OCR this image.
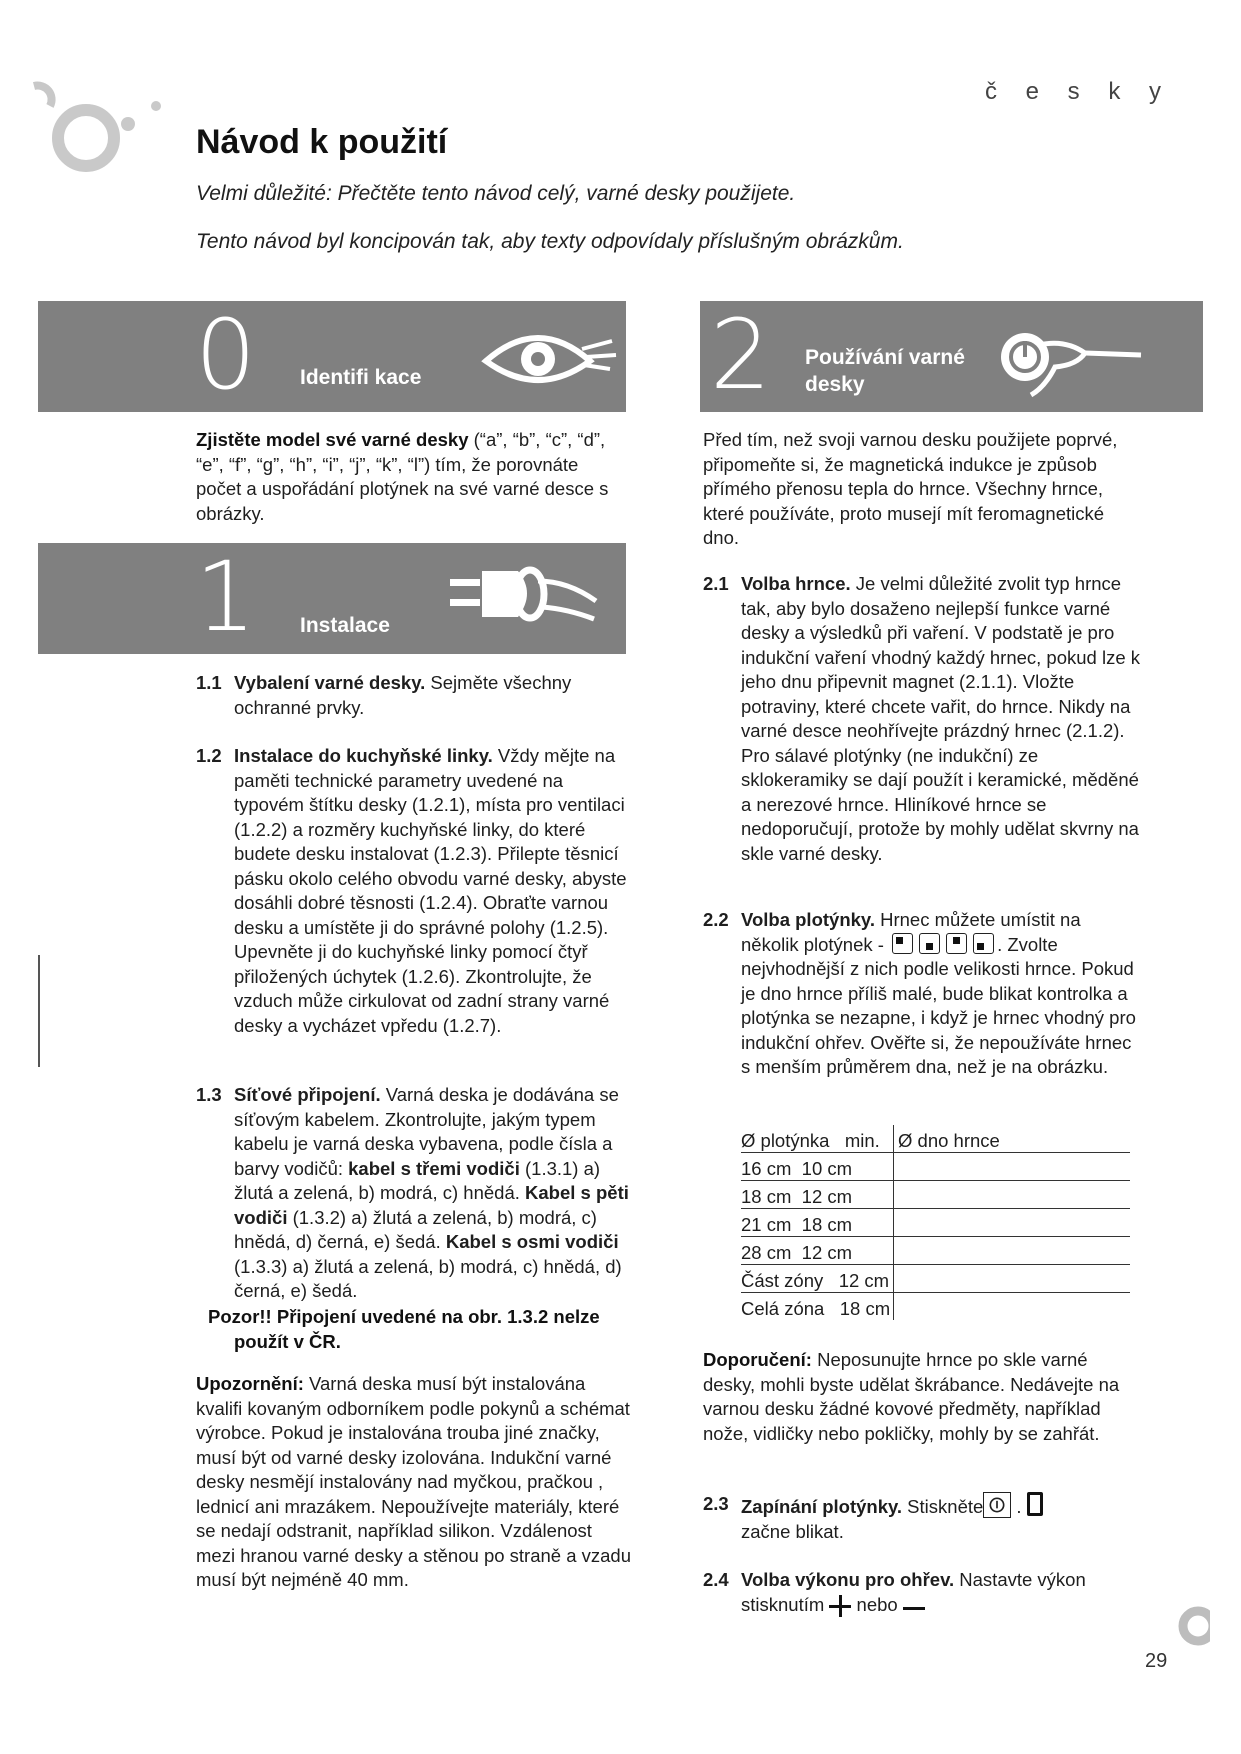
č e s k y
Návod k použití
Velmi důležité: Přečtěte tento návod celý, varné desky použijete.
Tento návod byl koncipován tak, aby texty odpovídaly příslušným obrázkům.
0 Identifi kace
Zjistěte model své varné desky (“a”, “b”, “c”, “d”, “e”, “f”, “g”, “h”, “i”, “j”, “k”, “l”) tím, že porovnáte počet a uspořádání plotýnek na své varné desce s obrázky.
1 Instalace
1.1 Vybalení varné desky. Sejměte všechny ochranné prvky.
1.2 Instalace do kuchyňské linky. Vždy mějte na paměti technické parametry uvedené na typovém štítku desky (1.2.1), místa pro ventilaci (1.2.2) a rozměry kuchyňské linky, do které budete desku instalovat (1.2.3). Přilepte těsnicí pásku okolo celého obvodu varné desky, abyste dosáhli dobré těsnosti (1.2.4). Obraťte varnou desku a umístěte ji do správné polohy (1.2.5). Upevněte ji do kuchyňské linky pomocí čtyř přiložených úchytek (1.2.6). Zkontrolujte, že vzduch může cirkulovat od zadní strany varné desky a vycházet vpředu (1.2.7).
1.3 Síťové připojení. Varná deska je dodávána se síťovým kabelem. Zkontrolujte, jakým typem kabelu je varná deska vybavena, podle čísla a barvy vodičů: kabel s třemi vodiči (1.3.1) a) žlutá a zelená, b) modrá, c) hnědá. Kabel s pěti vodiči (1.3.2) a) žlutá a zelená, b) modrá, c) hnědá, d) černá, e) šedá. Kabel s osmi vodiči (1.3.3) a) žlutá a zelená, b) modrá, c) hnědá, d) černá, e) šedá.
Pozor!! Připojení uvedené na obr. 1.3.2 nelze použít v ČR.
Upozornění: Varná deska musí být instalována kvalifi kovaným odborníkem podle pokynů a schémat výrobce. Pokud je instalována trouba jiné značky, musí být od varné desky izolována. Indukční varné desky nesmějí instalovány nad myčkou, pračkou , lednicí ani mrazákem. Nepoužívejte materiály, které se nedají odstranit, například silikon. Vzdálenost mezi hranou varné desky a stěnou po straně a vzadu musí být nejméně 40 mm.
2 Používání varné
desky
Před tím, než svoji varnou desku použijete poprvé, připomeňte si, že magnetická indukce je způsob přímého přenosu tepla do hrnce. Všechny hrnce, které používáte, proto musejí mít feromagnetické dno.
2.1 Volba hrnce. Je velmi důležité zvolit typ hrnce tak, aby bylo dosaženo nejlepší funkce varné desky a výsledků při vaření. V podstatě je pro indukční vaření vhodný každý hrnec, pokud lze k jeho dnu připevnit magnet (2.1.1). Vložte potraviny, které chcete vařit, do hrnce. Nikdy na varné desce neohřívejte prázdný hrnec (2.1.2). Pro sálavé plotýnky (ne indukční) ze sklokeramiky se dají použít i keramické, měděné a nerezové hrnce. Hliníkové hrnce se nedoporučují, protože by mohly udělat skvrny na skle varné desky.
2.2 Volba plotýnky. Hrnec můžete umístit na několik plotýnek -	. Zvolte nejvhodnější z nich podle velikosti hrnce. Pokud je dno hrnce příliš malé, bude blikat kontrolka a plotýnka se nezapne, i když je hrnec vhodný pro indukční ohřev. Ověřte si, že nepoužíváte hrnec s menším průměrem dna, než je na obrázku.
Ø plotýnka min.	Ø dno hrnce
16 cm 10 cm	
18 cm 12 cm	
21 cm 18 cm	
28 cm 12 cm	
Část zóny 12 cm	
Celá zóna 18 cm	
Doporučení: Neposunujte hrnce po skle varné desky, mohli byste udělat škrábance. Nedávejte na varnou desku žádné kovové předměty, například nože, vidličky nebo pokličky, mohly by se zahřát.
2.3 Zapínání plotýnky. Stiskněte
.
začne blikat.
2.4 Volba výkonu pro ohřev. Nastavte výkon stisknutím
nebo
29
